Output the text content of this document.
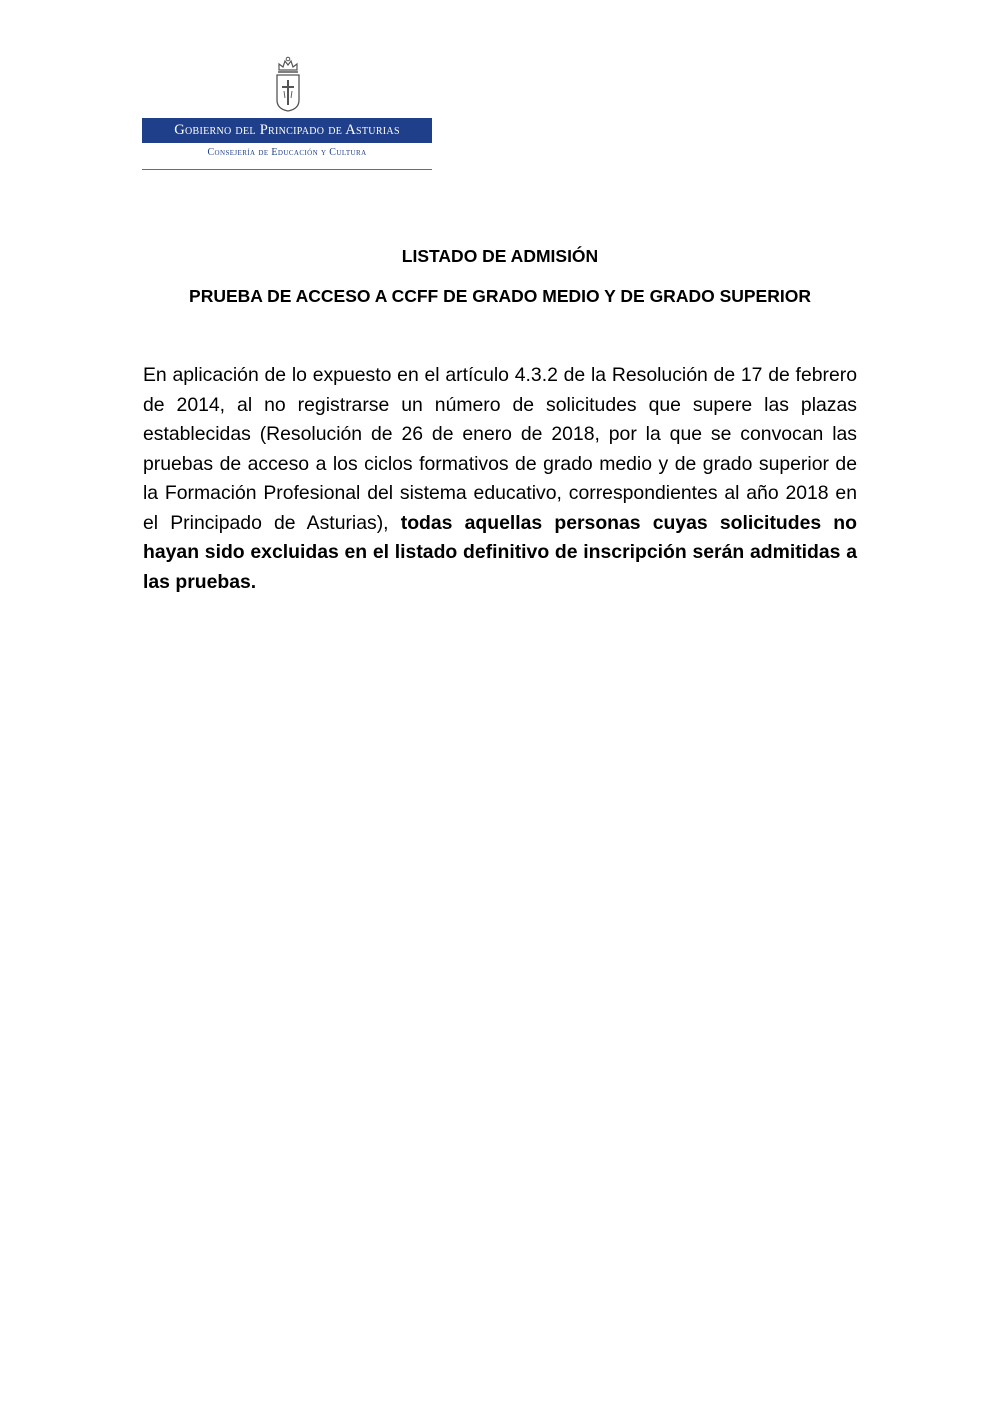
Gobierno del Principado de Asturias
Consejería de Educación y Cultura
LISTADO DE ADMISIÓN
PRUEBA DE ACCESO A CCFF DE GRADO MEDIO Y DE GRADO SUPERIOR

En aplicación de lo expuesto en el artículo 4.3.2 de la Resolución de 17 de febrero de 2014, al no registrarse un número de solicitudes que supere las plazas establecidas (Resolución de 26 de enero de 2018, por la que se convocan las pruebas de acceso a los ciclos formativos de grado medio y de grado superior de la Formación Profesional del sistema educativo, correspondientes al año 2018 en el Principado de Asturias), todas aquellas personas cuyas solicitudes no hayan sido excluidas en el listado definitivo de inscripción serán admitidas a las pruebas.
